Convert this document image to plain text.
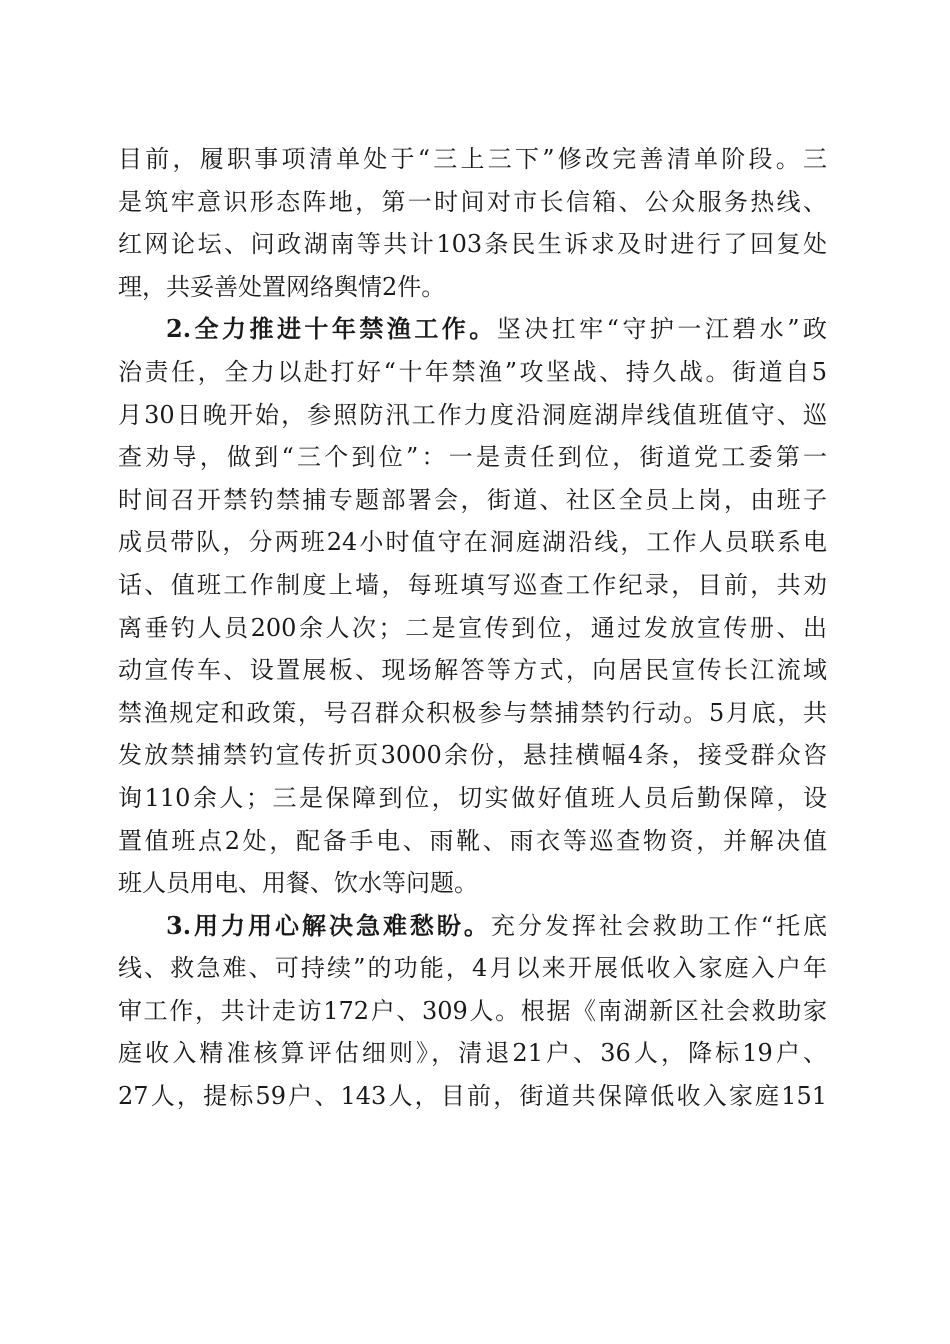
目前，履职事项清单处于“三上三下”修改完善清单阶段。三
是筑牢意识形态阵地，第一时间对市长信箱、公众服务热线、
红网论坛、问政湖南等共计103条民生诉求及时进行了回复处
理，共妥善处置网络舆情2件。
2.全力推进十年禁渔工作。坚决扛牢“守护一江碧水”政
治责任，全力以赴打好“十年禁渔”攻坚战、持久战。街道自5
月30日晚开始，参照防汛工作力度沿洞庭湖岸线值班值守、巡
查劝导，做到“三个到位”：一是责任到位，街道党工委第一
时间召开禁钓禁捕专题部署会，街道、社区全员上岗，由班子
成员带队，分两班24小时值守在洞庭湖沿线，工作人员联系电
话、值班工作制度上墙，每班填写巡查工作纪录，目前，共劝
离垂钓人员200余人次；二是宣传到位，通过发放宣传册、出
动宣传车、设置展板、现场解答等方式，向居民宣传长江流域
禁渔规定和政策，号召群众积极参与禁捕禁钓行动。5月底，共
发放禁捕禁钓宣传折页3000余份，悬挂横幅4条，接受群众咨
询110余人；三是保障到位，切实做好值班人员后勤保障，设
置值班点2处，配备手电、雨靴、雨衣等巡查物资，并解决值
班人员用电、用餐、饮水等问题。
3.用力用心解决急难愁盼。充分发挥社会救助工作“托底
线、救急难、可持续”的功能，4月以来开展低收入家庭入户年
审工作，共计走访172户、309人。根据《南湖新区社会救助家
庭收入精准核算评估细则》，清退21户、36人，降标19户、
27人，提标59户、143人，目前，街道共保障低收入家庭151
